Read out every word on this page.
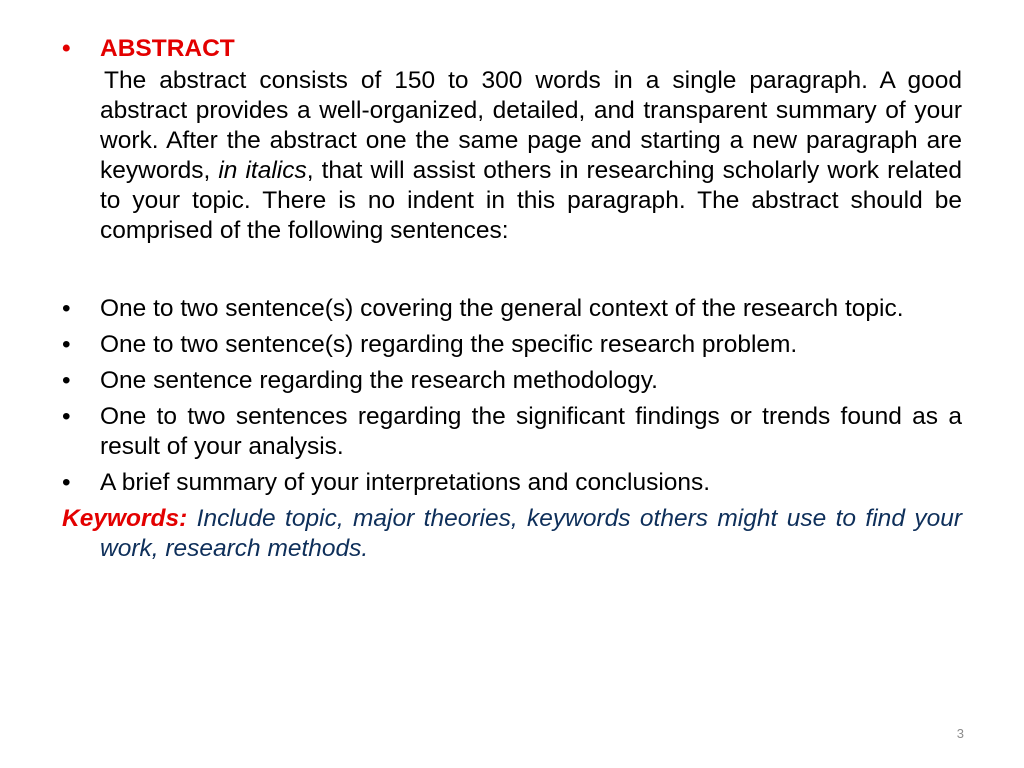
•	ABSTRACT
The abstract consists of 150 to 300 words in a single paragraph. A good abstract provides a well-organized, detailed, and transparent summary of your work. After the abstract one the same page and starting a new paragraph are keywords, in italics, that will assist others in researching scholarly work related to your topic. There is no indent in this paragraph. The abstract should be comprised of the following sentences:
•	One to two sentence(s) covering the general context of the research topic.
•	One to two sentence(s) regarding the specific research problem.
•	One sentence regarding the research methodology.
•	One to two sentences regarding the significant findings or trends found as a result of your analysis.
•	A brief summary of your interpretations and conclusions.
Keywords: Include topic, major theories, keywords others might use to find your work, research methods.
3
